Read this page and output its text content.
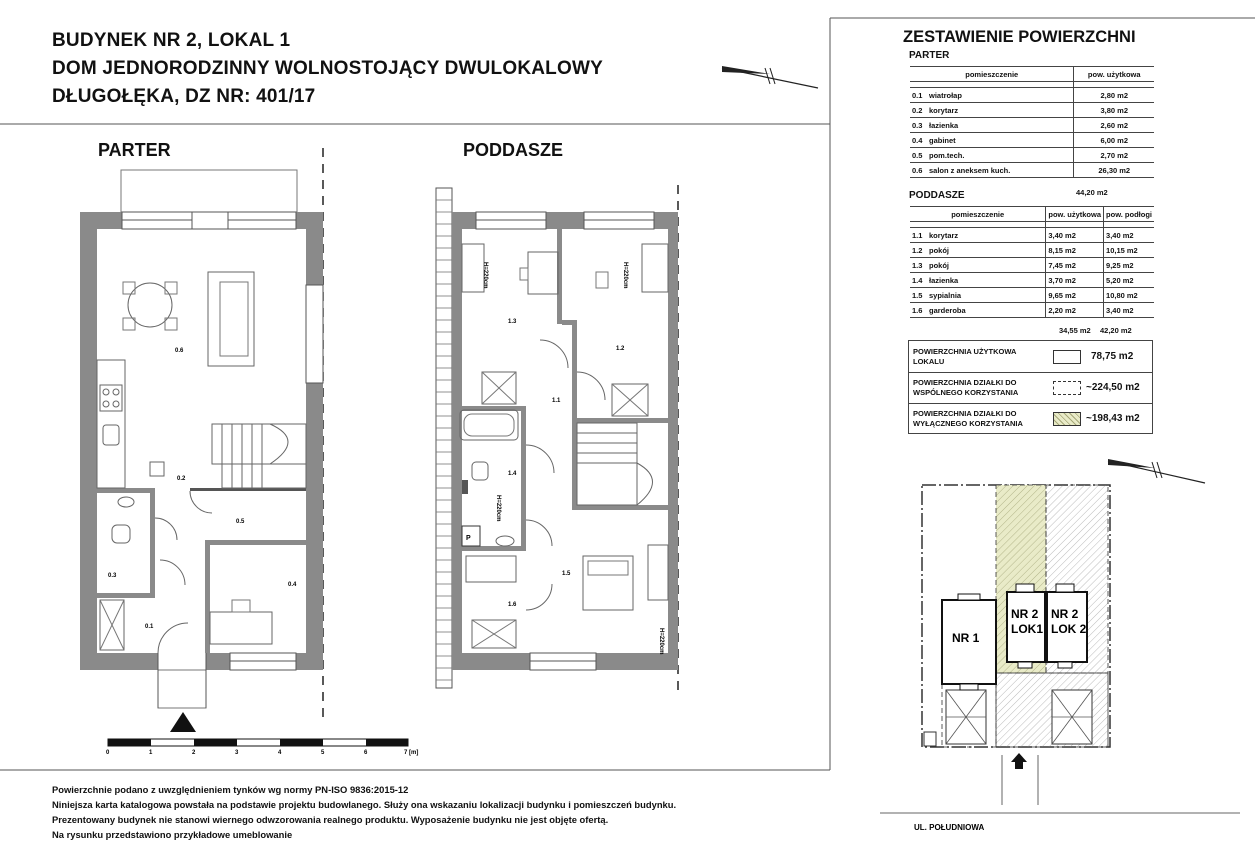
BUDYNEK NR 2, LOKAL 1
DOM JEDNORODZINNY WOLNOSTOJĄCY DWULOKALOWY
DŁUGOŁĘKA, DZ NR: 401/17
PARTER	PODDASZE
0.6
0.2
0.5
0.4
0.3
0.1
H=220cm	H=220cm
H=220cm
H=220cm
1.3
1.2
1.1
1.4
1.5
1.6
P
0	1	2	3	4	5	6	7 [m]
ZESTAWIENIE POWIERZCHNI
PARTER
pomieszczenie		pow. użytkowa

0.1	wiatrołap	2,80 m2
0.2	korytarz	3,80 m2
0.3	łazienka	2,60 m2
0.4	gabinet	6,00 m2
0.5	pom.tech.	2,70 m2
0.6	salon z aneksem kuch.	26,30 m2
44,20 m2
PODDASZE
pomieszczenie		pow. użytkowa	pow. podłogi

1.1	korytarz	3,40 m2	3,40 m2
1.2	pokój	8,15 m2	10,15 m2
1.3	pokój	7,45 m2	9,25 m2
1.4	łazienka	3,70 m2	5,20 m2
1.5	sypialnia	9,65 m2	10,80 m2
1.6	garderoba	2,20 m2	3,40 m2
34,55 m2 42,20 m2
POWIERZCHNIA UŻYTKOWA LOKALU	78,75 m2
POWIERZCHNIA DZIAŁKI DO WSPÓLNEGO KORZYSTANIA	~224,50 m2
POWIERZCHNIA DZIAŁKI DO WYŁĄCZNEGO KORZYSTANIA	~198,43 m2
NR 1
NR 2
LOK1
NR 2
LOK 2
UL. POŁUDNIOWA
Powierzchnie podano z uwzględnieniem tynków wg normy PN-ISO 9836:2015-12
Niniejsza karta katalogowa powstała na podstawie projektu budowlanego. Służy ona wskazaniu lokalizacji budynku i pomieszczeń budynku.
Prezentowany budynek nie stanowi wiernego odwzorowania realnego produktu. Wyposażenie budynku nie jest objęte ofertą.
Na rysunku przedstawiono przykładowe umeblowanie
